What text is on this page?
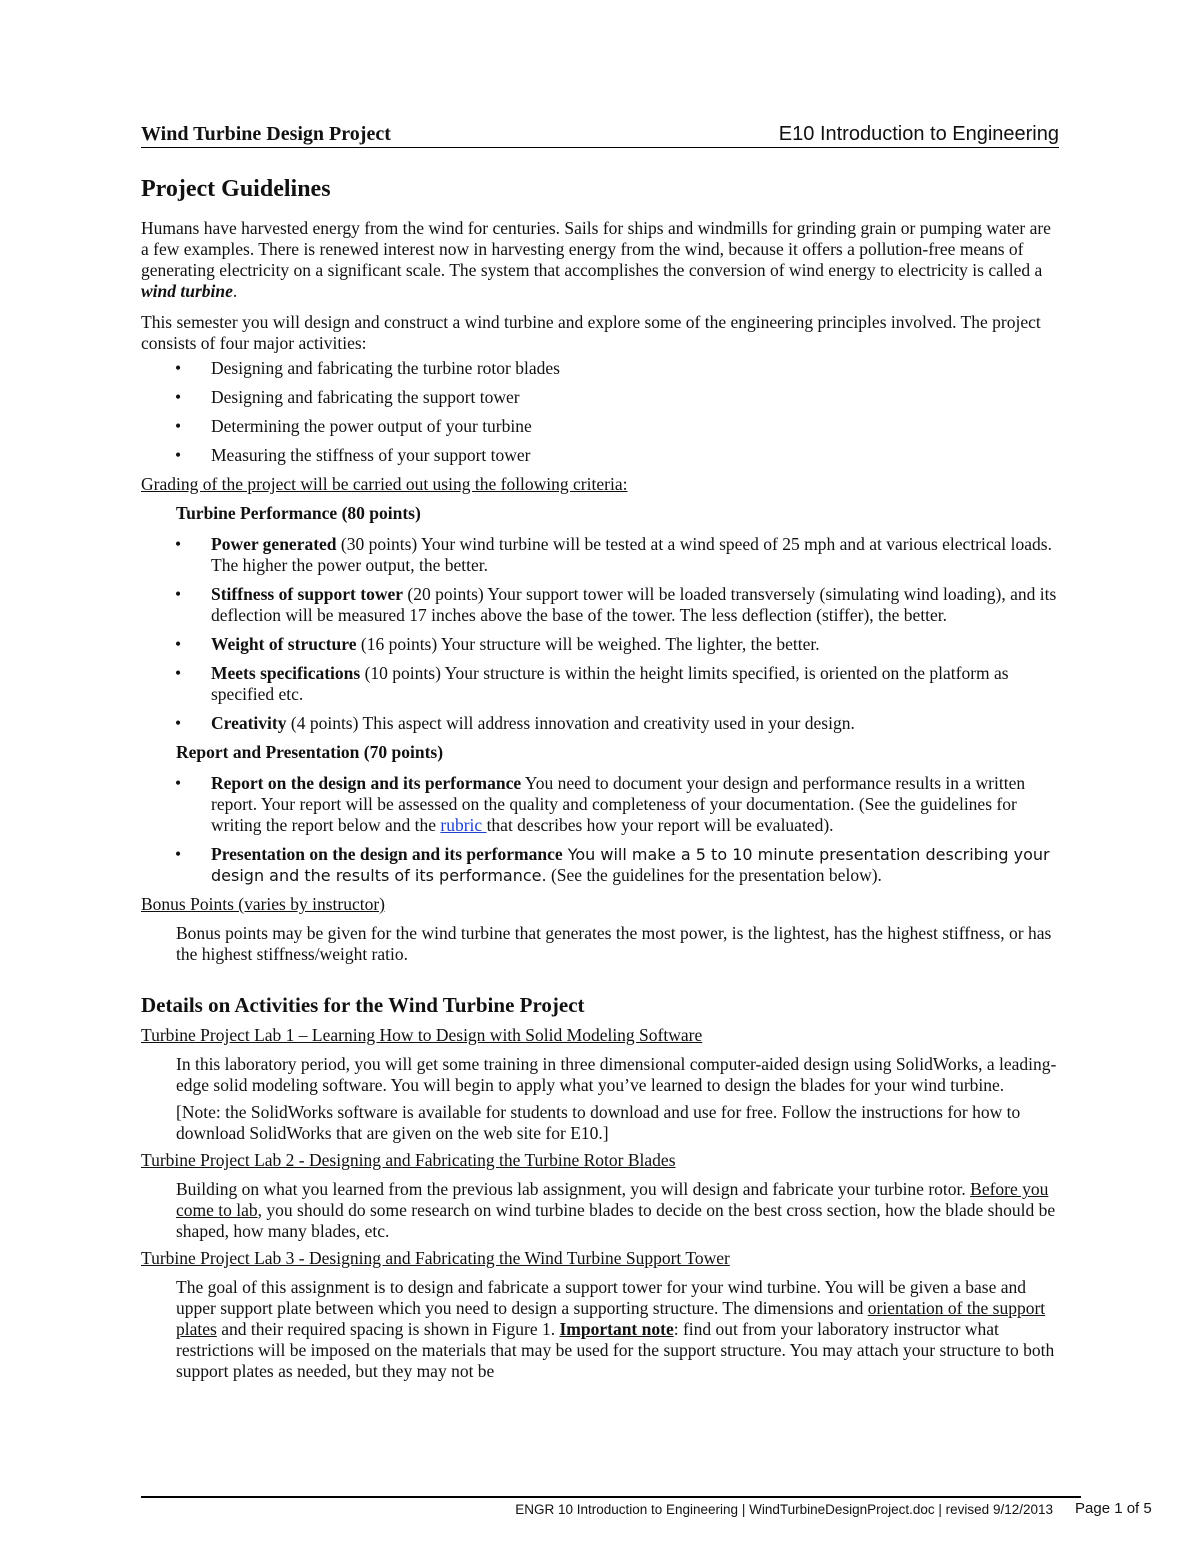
Wind Turbine Design Project	E10 Introduction to Engineering
Project Guidelines

Humans have harvested energy from the wind for centuries. Sails for ships and windmills for grinding grain or pumping water are a few examples. There is renewed interest now in harvesting energy from the wind, because it offers a pollution-free means of generating electricity on a significant scale. The system that accomplishes the conversion of wind energy to electricity is called a wind turbine.

This semester you will design and construct a wind turbine and explore some of the engineering principles involved. The project consists of four major activities:

• Designing and fabricating the turbine rotor blades
• Designing and fabricating the support tower
• Determining the power output of your turbine
• Measuring the stiffness of your support tower
Grading of the project will be carried out using the following criteria:
Turbine Performance (80 points)
• Power generated (30 points) Your wind turbine will be tested at a wind speed of 25 mph and at various electrical loads. The higher the power output, the better.
• Stiffness of support tower (20 points) Your support tower will be loaded transversely (simulating wind loading), and its deflection will be measured 17 inches above the base of the tower. The less deflection (stiffer), the better.
• Weight of structure (16 points) Your structure will be weighed. The lighter, the better.
• Meets specifications (10 points) Your structure is within the height limits specified, is oriented on the platform as specified etc.
• Creativity (4 points) This aspect will address innovation and creativity used in your design.
Report and Presentation (70 points)
• Report on the design and its performance You need to document your design and performance results in a written report. Your report will be assessed on the quality and completeness of your documentation. (See the guidelines for writing the report below and the rubric that describes how your report will be evaluated).
• Presentation on the design and its performance You will make a 5 to 10 minute presentation describing your design and the results of its performance. (See the guidelines for the presentation below).
Bonus Points (varies by instructor)

Bonus points may be given for the wind turbine that generates the most power, is the lightest, has the highest stiffness, or has the highest stiffness/weight ratio.

Details on Activities for the Wind Turbine Project
Turbine Project Lab 1 – Learning How to Design with Solid Modeling Software

In this laboratory period, you will get some training in three dimensional computer-aided design using SolidWorks, a leading-edge solid modeling software. You will begin to apply what you’ve learned to design the blades for your wind turbine.

[Note: the SolidWorks software is available for students to download and use for free. Follow the instructions for how to download SolidWorks that are given on the web site for E10.]

Turbine Project Lab 2 - Designing and Fabricating the Turbine Rotor Blades

Building on what you learned from the previous lab assignment, you will design and fabricate your turbine rotor. Before you come to lab, you should do some research on wind turbine blades to decide on the best cross section, how the blade should be shaped, how many blades, etc.

Turbine Project Lab 3 - Designing and Fabricating the Wind Turbine Support Tower

The goal of this assignment is to design and fabricate a support tower for your wind turbine. You will be given a base and upper support plate between which you need to design a supporting structure. The dimensions and orientation of the support plates and their required spacing is shown in Figure 1. Important note: find out from your laboratory instructor what restrictions will be imposed on the materials that may be used for the support structure. You may attach your structure to both support plates as needed, but they may not be

ENGR 10 Introduction to Engineering | WindTurbineDesignProject.doc | revised 9/12/2013 Page 1 of 5
